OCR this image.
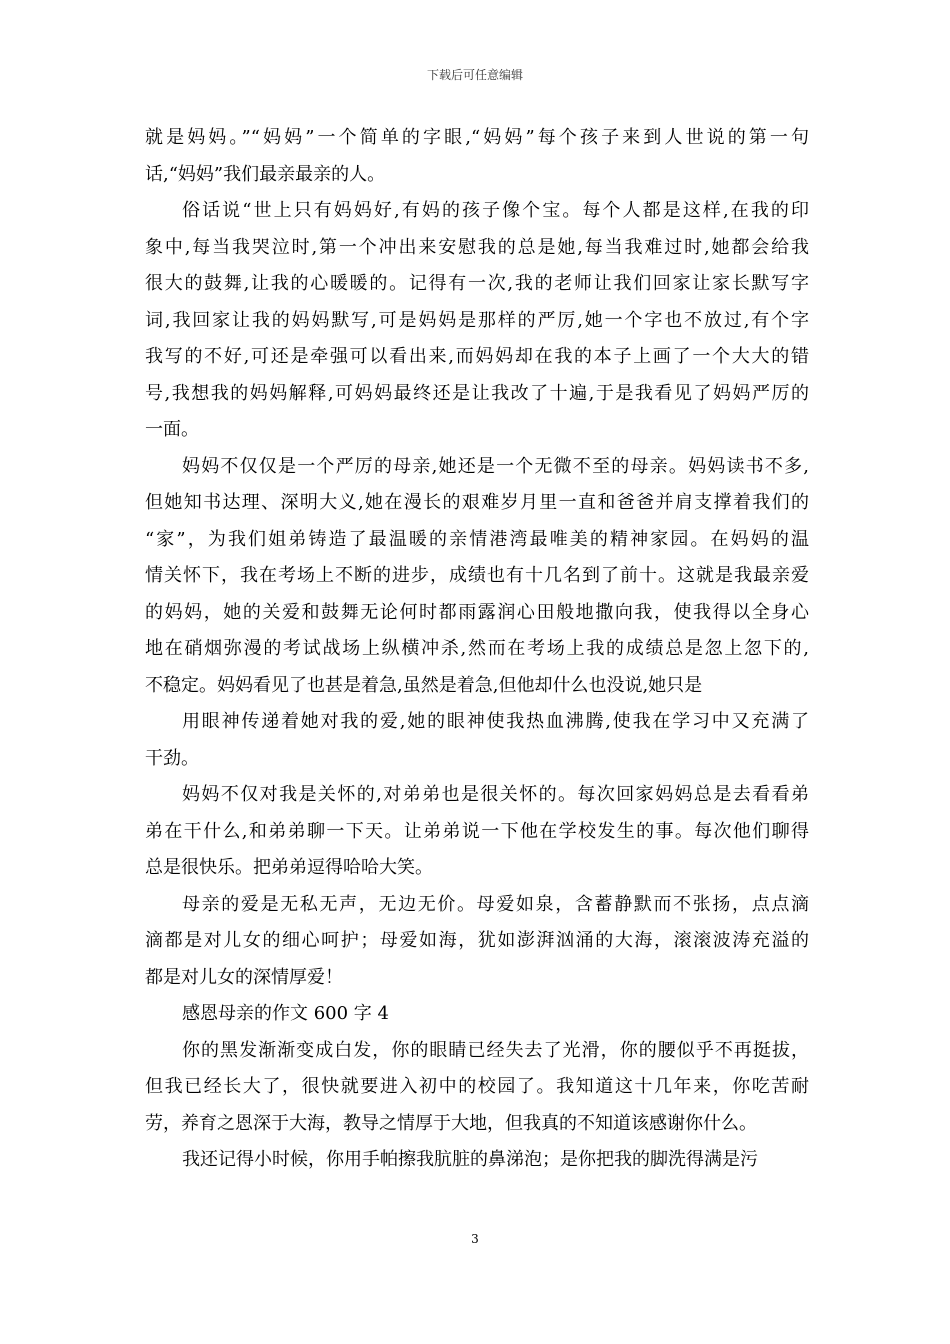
下载后可任意编辑
就是妈妈。”“妈妈”一个简单的字眼,“妈妈”每个孩子来到人世说的第一句
话,“妈妈”我们最亲最亲的人。
俗话说“世上只有妈妈好,有妈的孩子像个宝。每个人都是这样,在我的印
象中,每当我哭泣时,第一个冲出来安慰我的总是她,每当我难过时,她都会给我
很大的鼓舞,让我的心暖暖的。记得有一次,我的老师让我们回家让家长默写字
词,我回家让我的妈妈默写,可是妈妈是那样的严厉,她一个字也不放过,有个字
我写的不好,可还是牵强可以看出来,而妈妈却在我的本子上画了一个大大的错
号,我想我的妈妈解释,可妈妈最终还是让我改了十遍,于是我看见了妈妈严厉的
一面。
妈妈不仅仅是一个严厉的母亲,她还是一个无微不至的母亲。妈妈读书不多,
但她知书达理、深明大义,她在漫长的艰难岁月里一直和爸爸并肩支撑着我们的
“家”，为我们姐弟铸造了最温暖的亲情港湾最唯美的精神家园。在妈妈的温
情关怀下，我在考场上不断的进步，成绩也有十几名到了前十。这就是我最亲爱
的妈妈，她的关爱和鼓舞无论何时都雨露润心田般地撒向我，使我得以全身心
地在硝烟弥漫的考试战场上纵横冲杀,然而在考场上我的成绩总是忽上忽下的,
不稳定。妈妈看见了也甚是着急,虽然是着急,但他却什么也没说,她只是
用眼神传递着她对我的爱,她的眼神使我热血沸腾,使我在学习中又充满了
干劲。
妈妈不仅对我是关怀的,对弟弟也是很关怀的。每次回家妈妈总是去看看弟
弟在干什么,和弟弟聊一下天。让弟弟说一下他在学校发生的事。每次他们聊得
总是很快乐。把弟弟逗得哈哈大笑。
母亲的爱是无私无声，无边无价。母爱如泉，含蓄静默而不张扬，点点滴
滴都是对儿女的细心呵护；母爱如海，犹如澎湃汹涌的大海，滚滚波涛充溢的
都是对儿女的深情厚爱！
感恩母亲的作文 600 字 4
你的黑发渐渐变成白发，你的眼睛已经失去了光滑，你的腰似乎不再挺拔，
但我已经长大了，很快就要进入初中的校园了。我知道这十几年来，你吃苦耐
劳，养育之恩深于大海，教导之情厚于大地，但我真的不知道该感谢你什么。
我还记得小时候，你用手帕擦我肮脏的鼻涕泡；是你把我的脚洗得满是污
3
